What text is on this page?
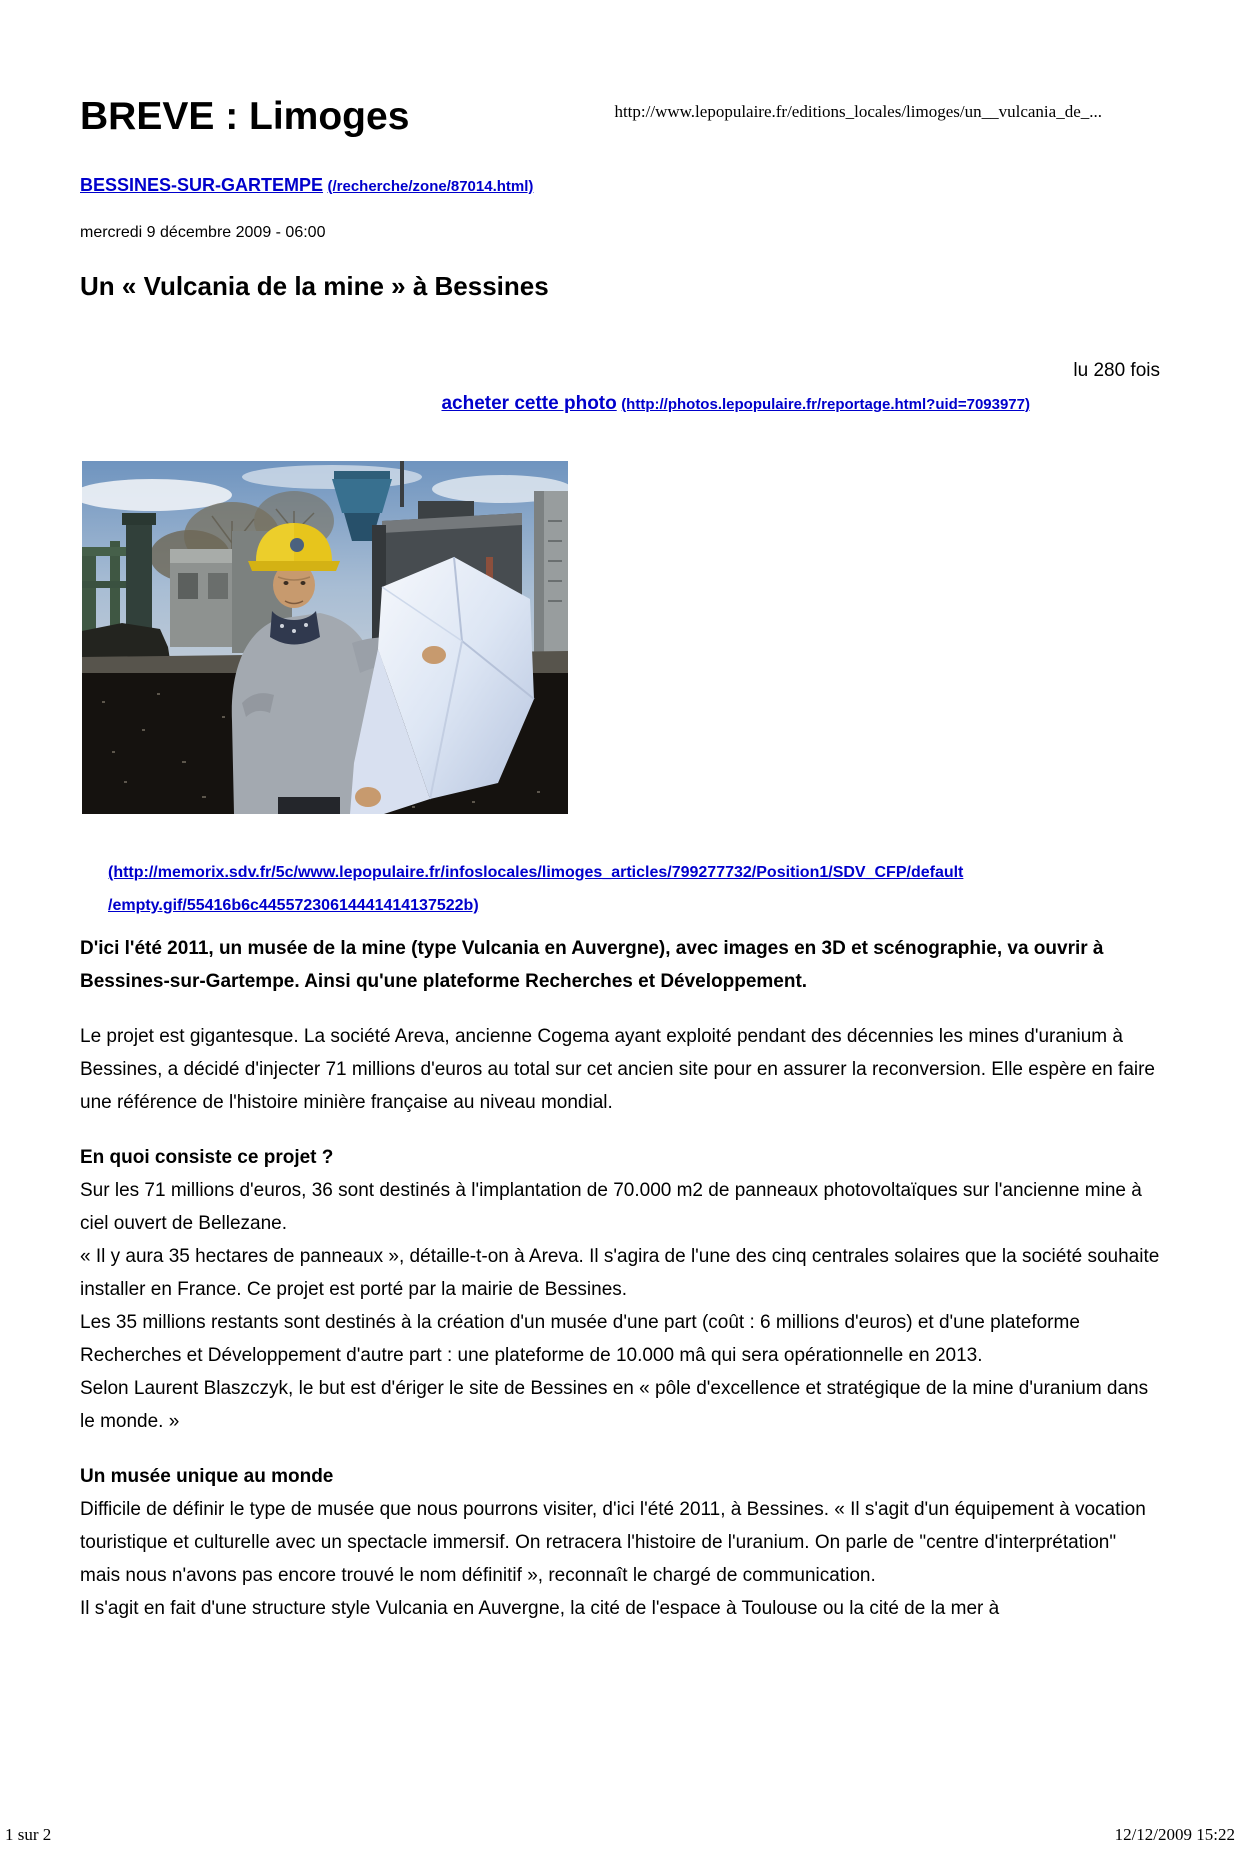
http://www.lepopulaire.fr/editions_locales/limoges/un__vulcania_de_...
BREVE : Limoges
BESSINES-SUR-GARTEMPE (/recherche/zone/87014.html)
mercredi 9 décembre 2009 - 06:00
Un « Vulcania de la mine » à Bessines
lu 280 fois
acheter cette photo (http://photos.lepopulaire.fr/reportage.html?uid=7093977)
(http://memorix.sdv.fr/5c/www.lepopulaire.fr/infoslocales/limoges_articles/799277732/Position1/SDV_CFP/default
/empty.gif/55416b6c44557230614441414137522b)
D'ici l'été 2011, un musée de la mine (type Vulcania en Auvergne), avec images en 3D et scénographie, va ouvrir à Bessines-sur-Gartempe. Ainsi qu'une plateforme Recherches et Développement.
Le projet est gigantesque. La société Areva, ancienne Cogema ayant exploité pendant des décennies les mines d'uranium à Bessines, a décidé d'injecter 71 millions d'euros au total sur cet ancien site pour en assurer la reconversion. Elle espère en faire une référence de l'histoire minière française au niveau mondial.
En quoi consiste ce projet ?
Sur les 71 millions d'euros, 36 sont destinés à l'implantation de 70.000 m2 de panneaux photovoltaïques sur l'ancienne mine à ciel ouvert de Bellezane.
« Il y aura 35 hectares de panneaux », détaille-t-on à Areva. Il s'agira de l'une des cinq centrales solaires que la société souhaite installer en France. Ce projet est porté par la mairie de Bessines.
Les 35 millions restants sont destinés à la création d'un musée d'une part (coût : 6 millions d'euros) et d'une plateforme Recherches et Développement d'autre part : une plateforme de 10.000 mâ qui sera opérationnelle en 2013.
Selon Laurent Blaszczyk, le but est d'ériger le site de Bessines en « pôle d'excellence et stratégique de la mine d'uranium dans le monde. »
Un musée unique au monde
Difficile de définir le type de musée que nous pourrons visiter, d'ici l'été 2011, à Bessines. « Il s'agit d'un équipement à vocation touristique et culturelle avec un spectacle immersif. On retracera l'histoire de l'uranium. On parle de "centre d'interprétation" mais nous n'avons pas encore trouvé le nom définitif », reconnaît le chargé de communication.
Il s'agit en fait d'une structure style Vulcania en Auvergne, la cité de l'espace à Toulouse ou la cité de la mer à
1 sur 2	12/12/2009 15:22
